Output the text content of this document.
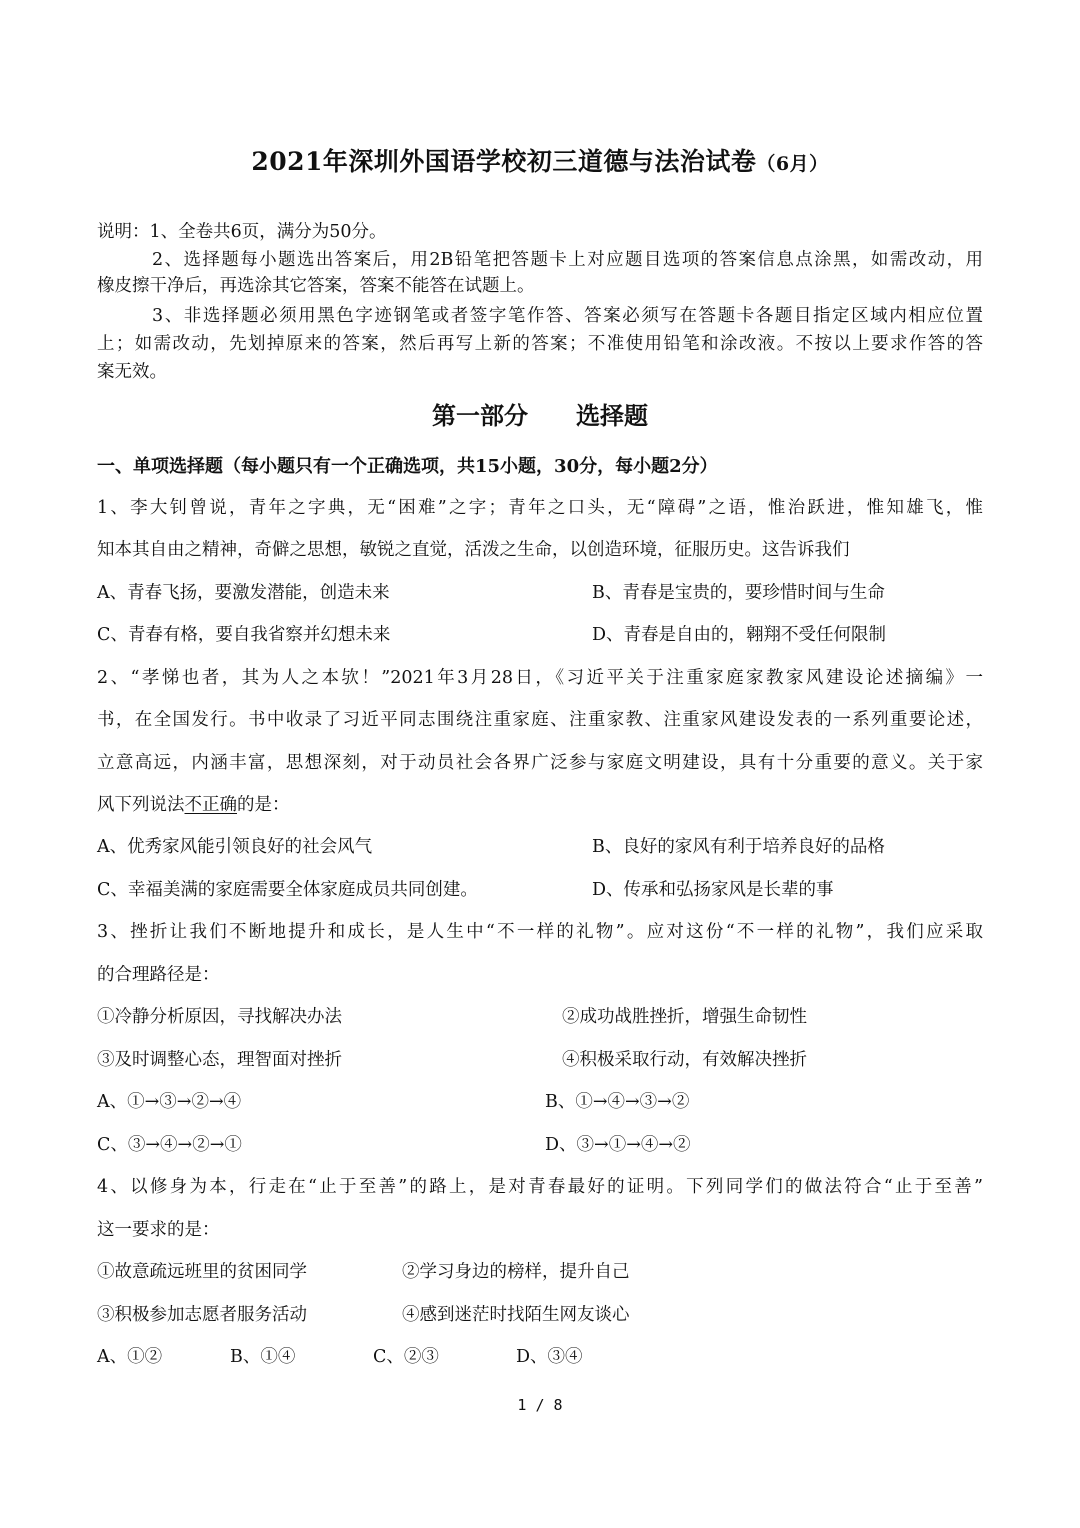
2021年深圳外国语学校初三道德与法治试卷（6月）
说明：1、全卷共6页，满分为50分。
2、选择题每小题选出答案后，用2B铅笔把答题卡上对应题目选项的答案信息点涂黑，如需改动，用
橡皮擦干净后，再选涂其它答案，答案不能答在试题上。
3、非选择题必须用黑色字迹钢笔或者签字笔作答、答案必须写在答题卡各题目指定区域内相应位置
上；如需改动，先划掉原来的答案，然后再写上新的答案；不准使用铅笔和涂改液。不按以上要求作答的答
案无效。
第一部分 选择题
一、单项选择题（每小题只有一个正确选项，共15小题，30分，每小题2分）
1、李大钊曾说，青年之字典，无“困难”之字；青年之口头，无“障碍”之语，惟治跃进，惟知雄飞，惟
知本其自由之精神，奇僻之思想，敏锐之直觉，活泼之生命，以创造环境，征服历史。这告诉我们
A、青春飞扬，要激发潜能，创造未来	B、青春是宝贵的，要珍惜时间与生命
C、青春有格，要自我省察并幻想未来	D、青春是自由的，翱翔不受任何限制
2、“孝悌也者，其为人之本欤！”2021年3月28日，《习近平关于注重家庭家教家风建设论述摘编》一
书，在全国发行。书中收录了习近平同志围绕注重家庭、注重家教、注重家风建设发表的一系列重要论述，
立意高远，内涵丰富，思想深刻，对于动员社会各界广泛参与家庭文明建设，具有十分重要的意义。关于家
风下列说法不正确的是：
A、优秀家风能引领良好的社会风气	B、良好的家风有利于培养良好的品格
C、幸福美满的家庭需要全体家庭成员共同创建。	D、传承和弘扬家风是长辈的事
3、挫折让我们不断地提升和成长，是人生中“不一样的礼物”。应对这份“不一样的礼物”，我们应采取
的合理路径是：
①冷静分析原因，寻找解决办法	②成功战胜挫折，增强生命韧性
③及时调整心态，理智面对挫折	④积极采取行动，有效解决挫折
A、①→③→②→④	B、①→④→③→②
C、③→④→②→①	D、③→①→④→②
4、以修身为本，行走在“止于至善”的路上，是对青春最好的证明。下列同学们的做法符合“止于至善”
这一要求的是：
①故意疏远班里的贫困同学	②学习身边的榜样，提升自己
③积极参加志愿者服务活动	④感到迷茫时找陌生网友谈心
A、①②	B、①④	C、②③	D、③④
1 / 8
